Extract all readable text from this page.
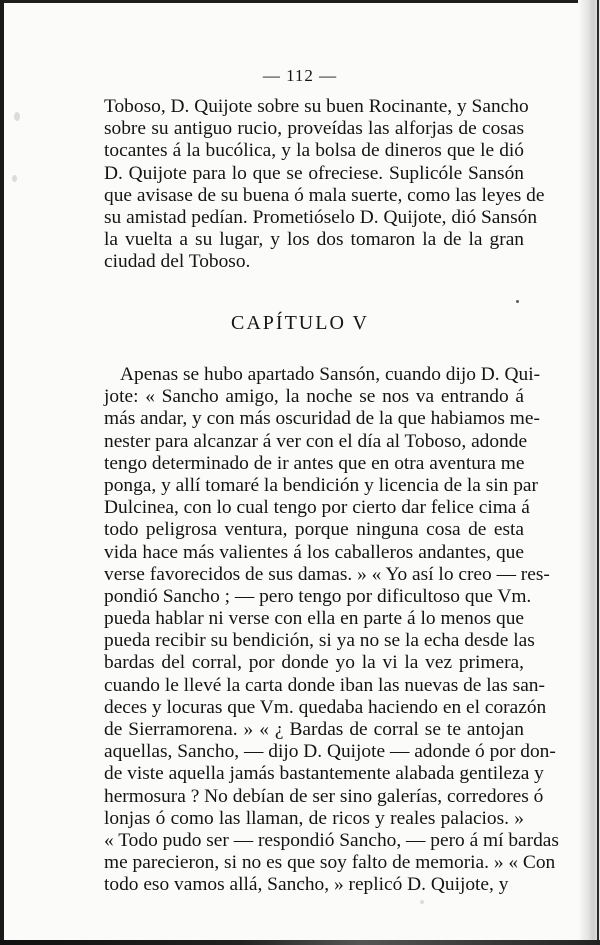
— 112 —
Toboso, D. Quijote sobre su buen Rocinante, y Sancho
sobre su antiguo rucio, proveídas las alforjas de cosas
tocantes á la bucólica, y la bolsa de dineros que le dió
D. Quijote para lo que se ofreciese. Suplicóle Sansón
que avisase de su buena ó mala suerte, como las leyes de
su amistad pedían. Prometióselo D. Quijote, dió Sansón
la vuelta a su lugar, y los dos tomaron la de la gran
ciudad del Toboso.
CAPÍTULO V
Apenas se hubo apartado Sansón, cuando dijo D. Qui-
jote: « Sancho amigo, la noche se nos va entrando á
más andar, y con más oscuridad de la que habiamos me-
nester para alcanzar á ver con el día al Toboso, adonde
tengo determinado de ir antes que en otra aventura me
ponga, y allí tomaré la bendición y licencia de la sin par
Dulcinea, con lo cual tengo por cierto dar felice cima á
todo peligrosa ventura, porque ninguna cosa de esta
vida hace más valientes á los caballeros andantes, que
verse favorecidos de sus damas. » « Yo así lo creo — res-
pondió Sancho ; — pero tengo por dificultoso que Vm.
pueda hablar ni verse con ella en parte á lo menos que
pueda recibir su bendición, si ya no se la echa desde las
bardas del corral, por donde yo la vi la vez primera,
cuando le llevé la carta donde iban las nuevas de las san-
deces y locuras que Vm. quedaba haciendo en el corazón
de Sierramorena. » « ¿ Bardas de corral se te antojan
aquellas, Sancho, — dijo D. Quijote — adonde ó por don-
de viste aquella jamás bastantemente alabada gentileza y
hermosura ? No debían de ser sino galerías, corredores ó
lonjas ó como las llaman, de ricos y reales palacios. »
« Todo pudo ser — respondió Sancho, — pero á mí bardas
me parecieron, si no es que soy falto de memoria. » « Con
todo eso vamos allá, Sancho, » replicó D. Quijote, y
